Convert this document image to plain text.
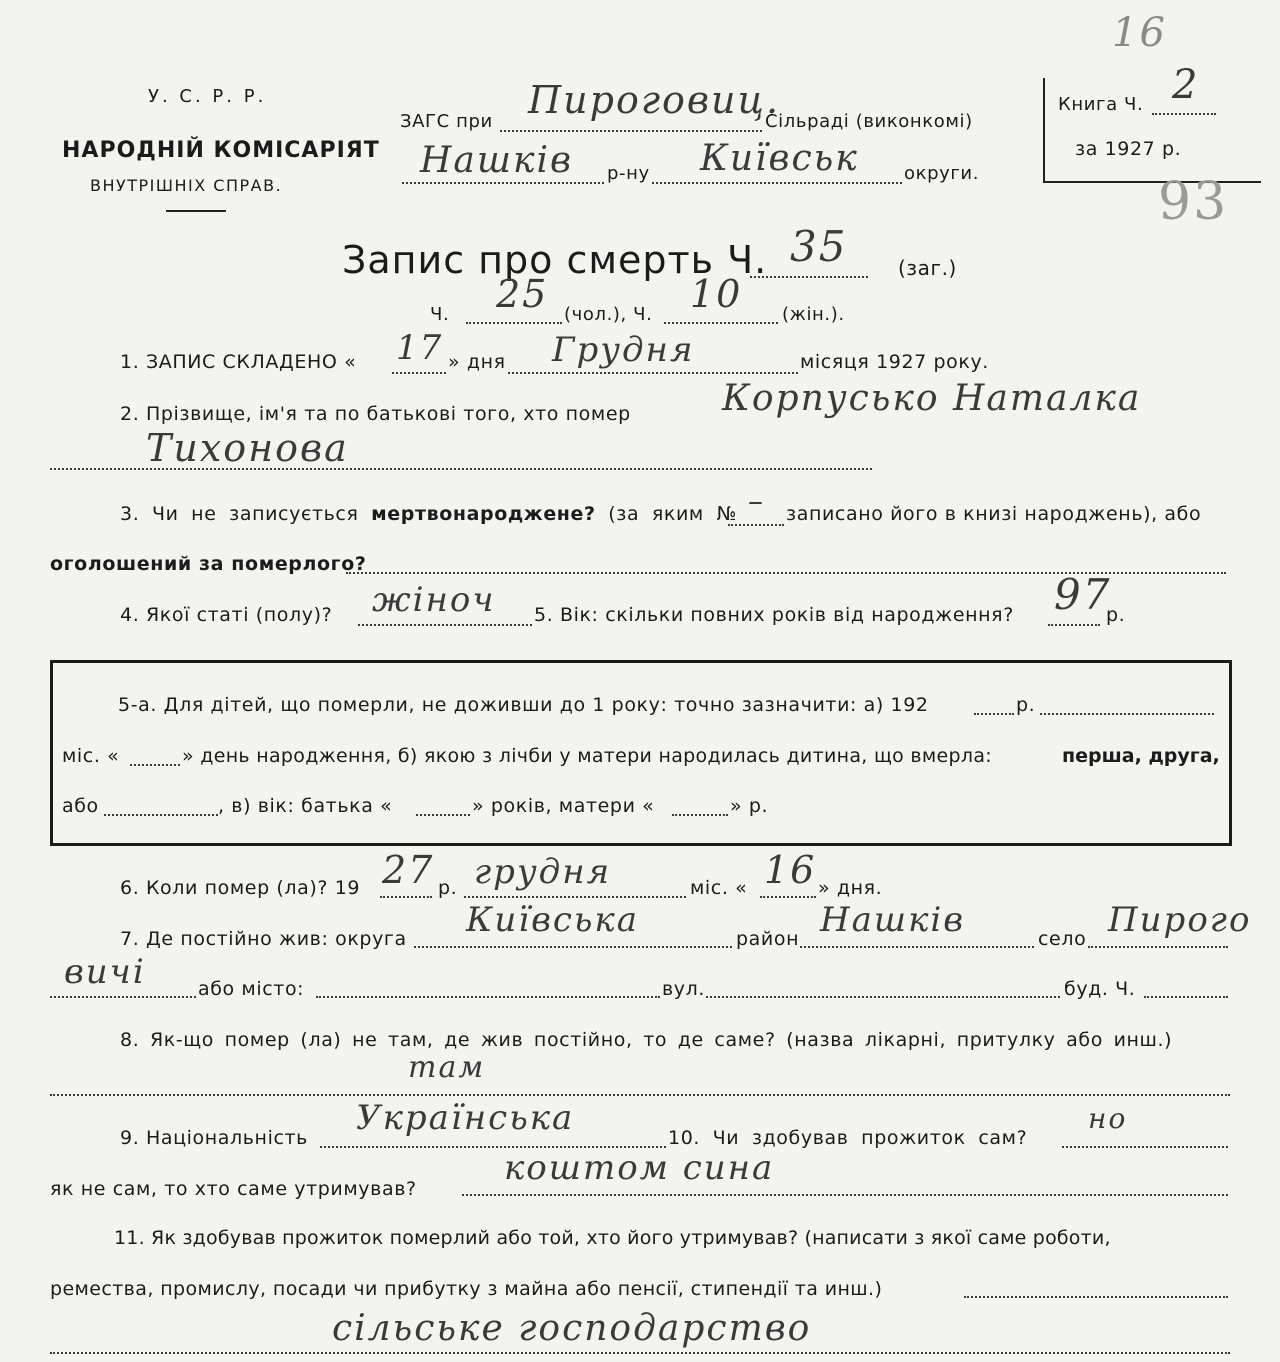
У. С. Р. Р.
НАРОДНІЙ КОМІСАРІЯТ
ВНУТРІШНІХ СПРАВ.
ЗАГС при Пироговиц.
Сільраді (виконкомі)
Нашків р-ну Київськ	округи.
Книга Ч. 2
за 1927 р.
16
93
Запис про смерть Ч. 35	(заг.)
Ч. 25 (чол.), Ч. 10 (жін.).
1. ЗАПИС СКЛАДЕНО « 17 » дня Грудня	місяця 1927 року.
2. Прізвище, ім'я та по батькові того, хто помер	Корпусько Наталка
Тихонова
3. Чи не записується мертвонароджене? (за яким № – записано його в книзі народжень), або
оголошений за померлого?
4. Якої статі (полу)? жіноч 5. Вік: скільки повних років від народження? 97
р.
5-а. Для дітей, що померли, не доживши до 1 року: точно зазначити: а) 192	р.
міс. «	» день народження, б) якою з лічби у матери народилась дитина, що вмерла:	перша, друга,
або	, в) вік: батька «	» років, матери «	» р.
6. Коли помер (ла)? 19 27 р. грудня	міс. « 16 » дня.
7. Де постійно жив: округа Київська	район Нашків	село Пирого
вичі	або місто:	вул.	буд. Ч.
8. Як-що помер (ла) не там, де жив постійно, то де саме? (назва лікарні, притулку або инш.)
там
9. Національність Українська	10. Чи здобував прожиток сам?
но
як не сам, то хто саме утримував?
коштом сина
11. Як здобував прожиток померлий або той, хто його утримував? (написати з якої саме роботи,
ремества, промислу, посади чи прибутку з майна або пенсії, стипендії та инш.)
сільське господарство
